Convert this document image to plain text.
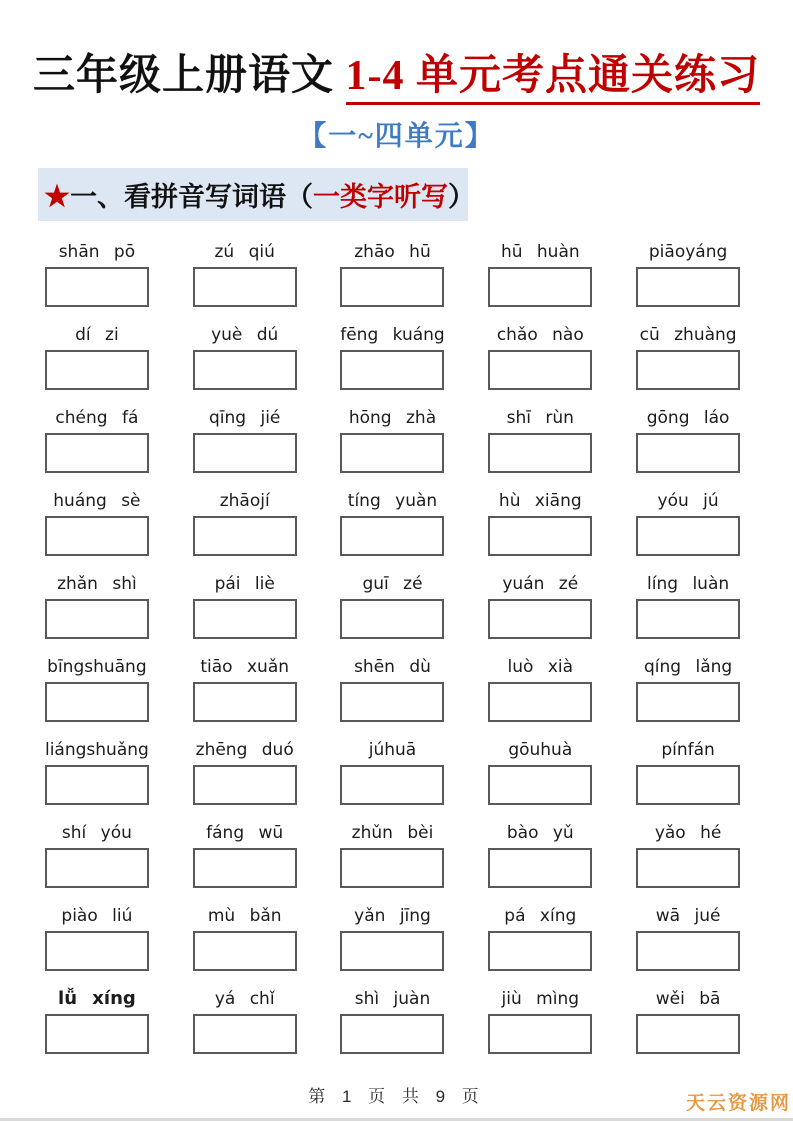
三年级上册语文 1-4 单元考点通关练习
【一~四单元】
★一、看拼音写词语（一类字听写）
shān pō	zú qiú	zhāo hū	hū huàn	piāoyáng
dí zi	yuè dú	fēng kuáng	chǎo nào	cū zhuàng
chéng fá	qīng jié	hōng zhà	shī rùn	gōng láo
huáng sè	zhāojí	tíng yuàn	hù xiāng	yóu jú
zhǎn shì	pái liè	guī zé	yuán zé	líng luàn
bīngshuāng	tiāo xuǎn	shēn dù	luò xià	qíng lǎng
liángshuǎng	zhēng duó	júhuā	gōuhuà	pínfán
shí yóu	fáng wū	zhǔn bèi	bào yǔ	yǎo hé
piào liú	mù bǎn	yǎn jīng	pá xíng	wā jué
lǚ xíng	yá chǐ	shì juàn	jiù mìng	wěi bā
第 1 页 共 9 页	天云资源网
